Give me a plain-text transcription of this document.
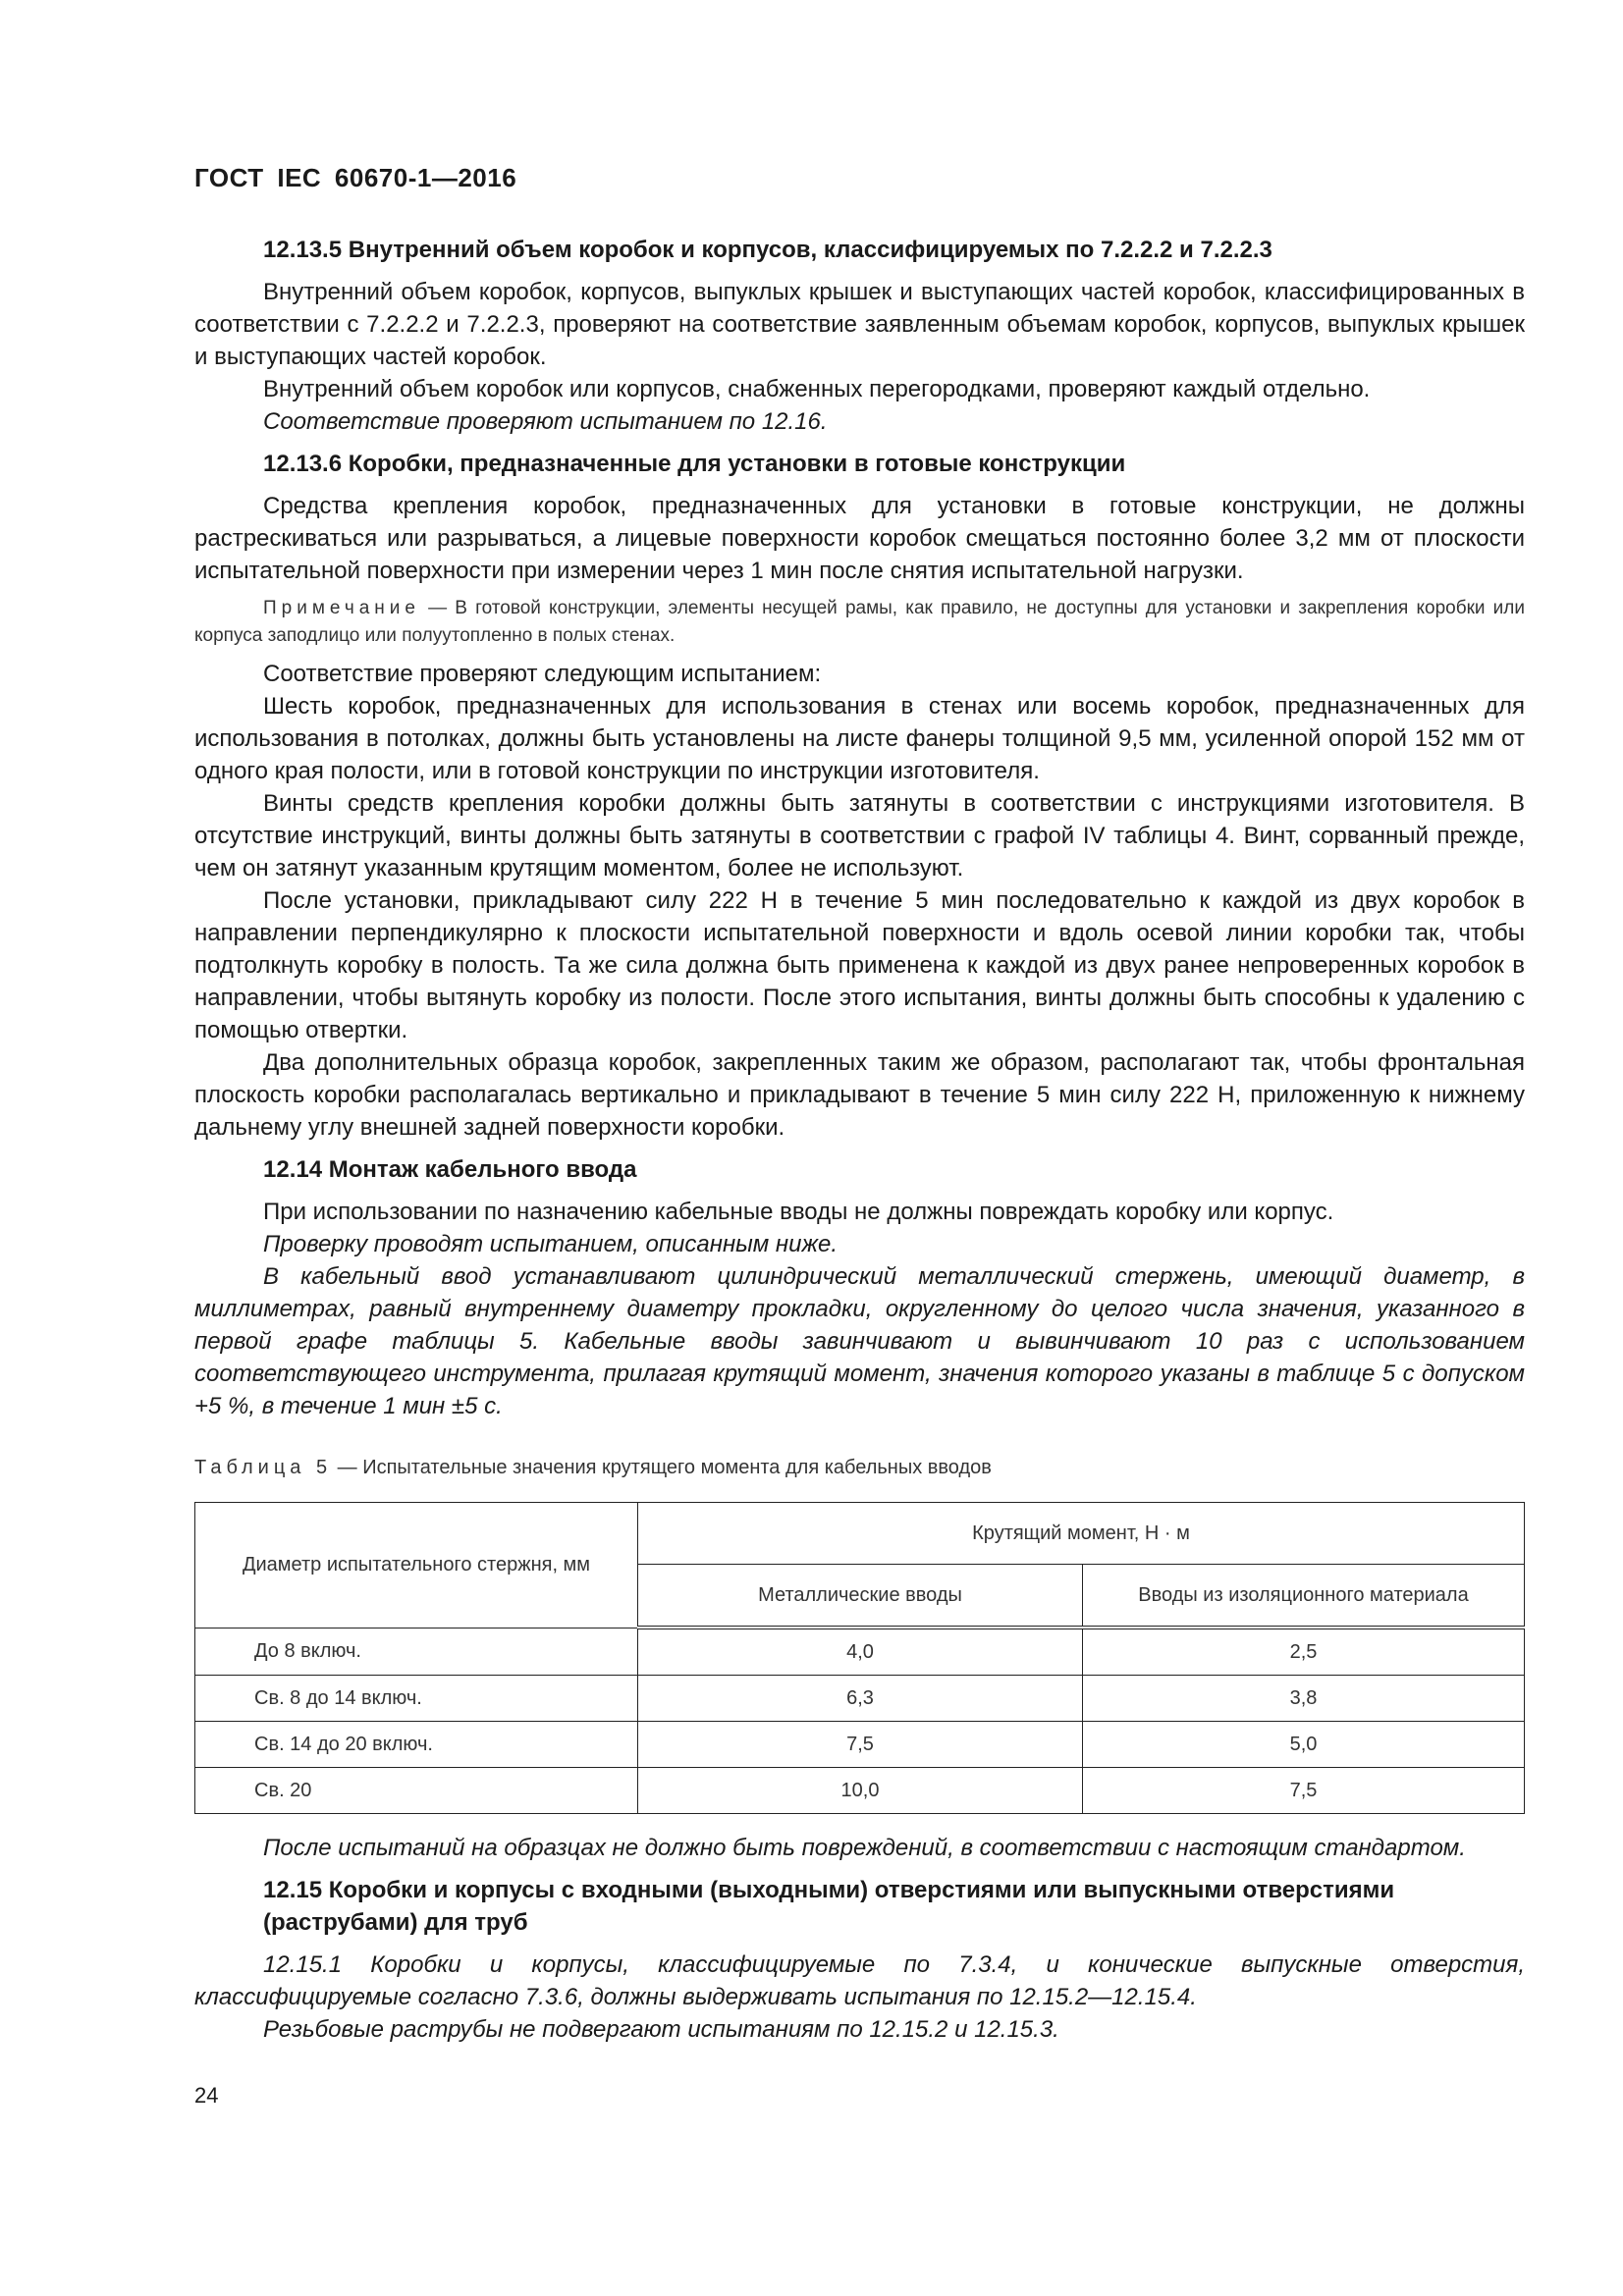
ГОСТ IEC 60670-1—2016

12.13.5 Внутренний объем коробок и корпусов, классифицируемых по 7.2.2.2 и 7.2.2.3

Внутренний объем коробок, корпусов, выпуклых крышек и выступающих частей коробок, классифицированных в соответствии с 7.2.2.2 и 7.2.2.3, проверяют на соответствие заявленным объемам коробок, корпусов, выпуклых крышек и выступающих частей коробок.

Внутренний объем коробок или корпусов, снабженных перегородками, проверяют каждый отдельно.

Соответствие проверяют испытанием по 12.16.

12.13.6 Коробки, предназначенные для установки в готовые конструкции

Средства крепления коробок, предназначенных для установки в готовые конструкции, не должны растрескиваться или разрываться, а лицевые поверхности коробок смещаться постоянно более 3,2 мм от плоскости испытательной поверхности при измерении через 1 мин после снятия испытательной нагрузки.

Примечание — В готовой конструкции, элементы несущей рамы, как правило, не доступны для установки и закрепления коробки или корпуса заподлицо или полуутопленно в полых стенах.

Соответствие проверяют следующим испытанием:

Шесть коробок, предназначенных для использования в стенах или восемь коробок, предназначенных для использования в потолках, должны быть установлены на листе фанеры толщиной 9,5 мм, усиленной опорой 152 мм от одного края полости, или в готовой конструкции по инструкции изготовителя.

Винты средств крепления коробки должны быть затянуты в соответствии с инструкциями изготовителя. В отсутствие инструкций, винты должны быть затянуты в соответствии с графой IV таблицы 4. Винт, сорванный прежде, чем он затянут указанным крутящим моментом, более не используют.

После установки, прикладывают силу 222 Н в течение 5 мин последовательно к каждой из двух коробок в направлении перпендикулярно к плоскости испытательной поверхности и вдоль осевой линии коробки так, чтобы подтолкнуть коробку в полость. Та же сила должна быть применена к каждой из двух ранее непроверенных коробок в направлении, чтобы вытянуть коробку из полости. После этого испытания, винты должны быть способны к удалению с помощью отвертки.

Два дополнительных образца коробок, закрепленных таким же образом, располагают так, чтобы фронтальная плоскость коробки располагалась вертикально и прикладывают в течение 5 мин силу 222 Н, приложенную к нижнему дальнему углу внешней задней поверхности коробки.

12.14 Монтаж кабельного ввода

При использовании по назначению кабельные вводы не должны повреждать коробку или корпус.

Проверку проводят испытанием, описанным ниже.

В кабельный ввод устанавливают цилиндрический металлический стержень, имеющий диаметр, в миллиметрах, равный внутреннему диаметру прокладки, округленному до целого числа значения, указанного в первой графе таблицы 5. Кабельные вводы завинчивают и вывинчивают 10 раз с использованием соответствующего инструмента, прилагая крутящий момент, значения которого указаны в таблице 5 с допуском +5 %, в течение 1 мин ±5 с.

Таблица 5 — Испытательные значения крутящего момента для кабельных вводов

Диаметр испытательного стержня, мм	Крутящий момент, Н · м	
	Металлические вводы	Вводы из изоляционного материала
До 8 включ.	4,0	2,5
Св. 8 до 14 включ.	6,3	3,8
Св. 14 до 20 включ.	7,5	5,0
Св. 20	10,0	7,5

После испытаний на образцах не должно быть повреждений, в соответствии с настоящим стандартом.

12.15 Коробки и корпусы с входными (выходными) отверстиями или выпускными отверстиями (раструбами) для труб

12.15.1 Коробки и корпусы, классифицируемые по 7.3.4, и конические выпускные отверстия, классифицируемые согласно 7.3.6, должны выдерживать испытания по 12.15.2—12.15.4.

Резьбовые раструбы не подвергают испытаниям по 12.15.2 и 12.15.3.

24
